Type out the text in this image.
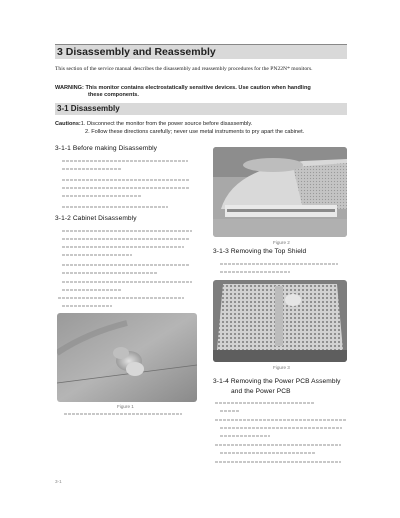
3 Disassembly and Reassembly
This section of the service manual describes the disassembly and reassembly procedures for the PN22N* monitors.
WARNING: This monitor contains electrostatically sensitive devices. Use caution when handling
these components.
3-1 Disassembly
Cautions:1. Disconnect the monitor from the power source before disassembly.
2. Follow these directions carefully; never use metal instruments to pry apart the cabinet.
3-1-1 Before making Disassembly
3-1-2 Cabinet Disassembly
Figure 1
Figure 2
3-1-3 Removing the Top Shield
Figure 3
3-1-4 Removing the Power PCB Assembly
and the Power PCB
3-1
